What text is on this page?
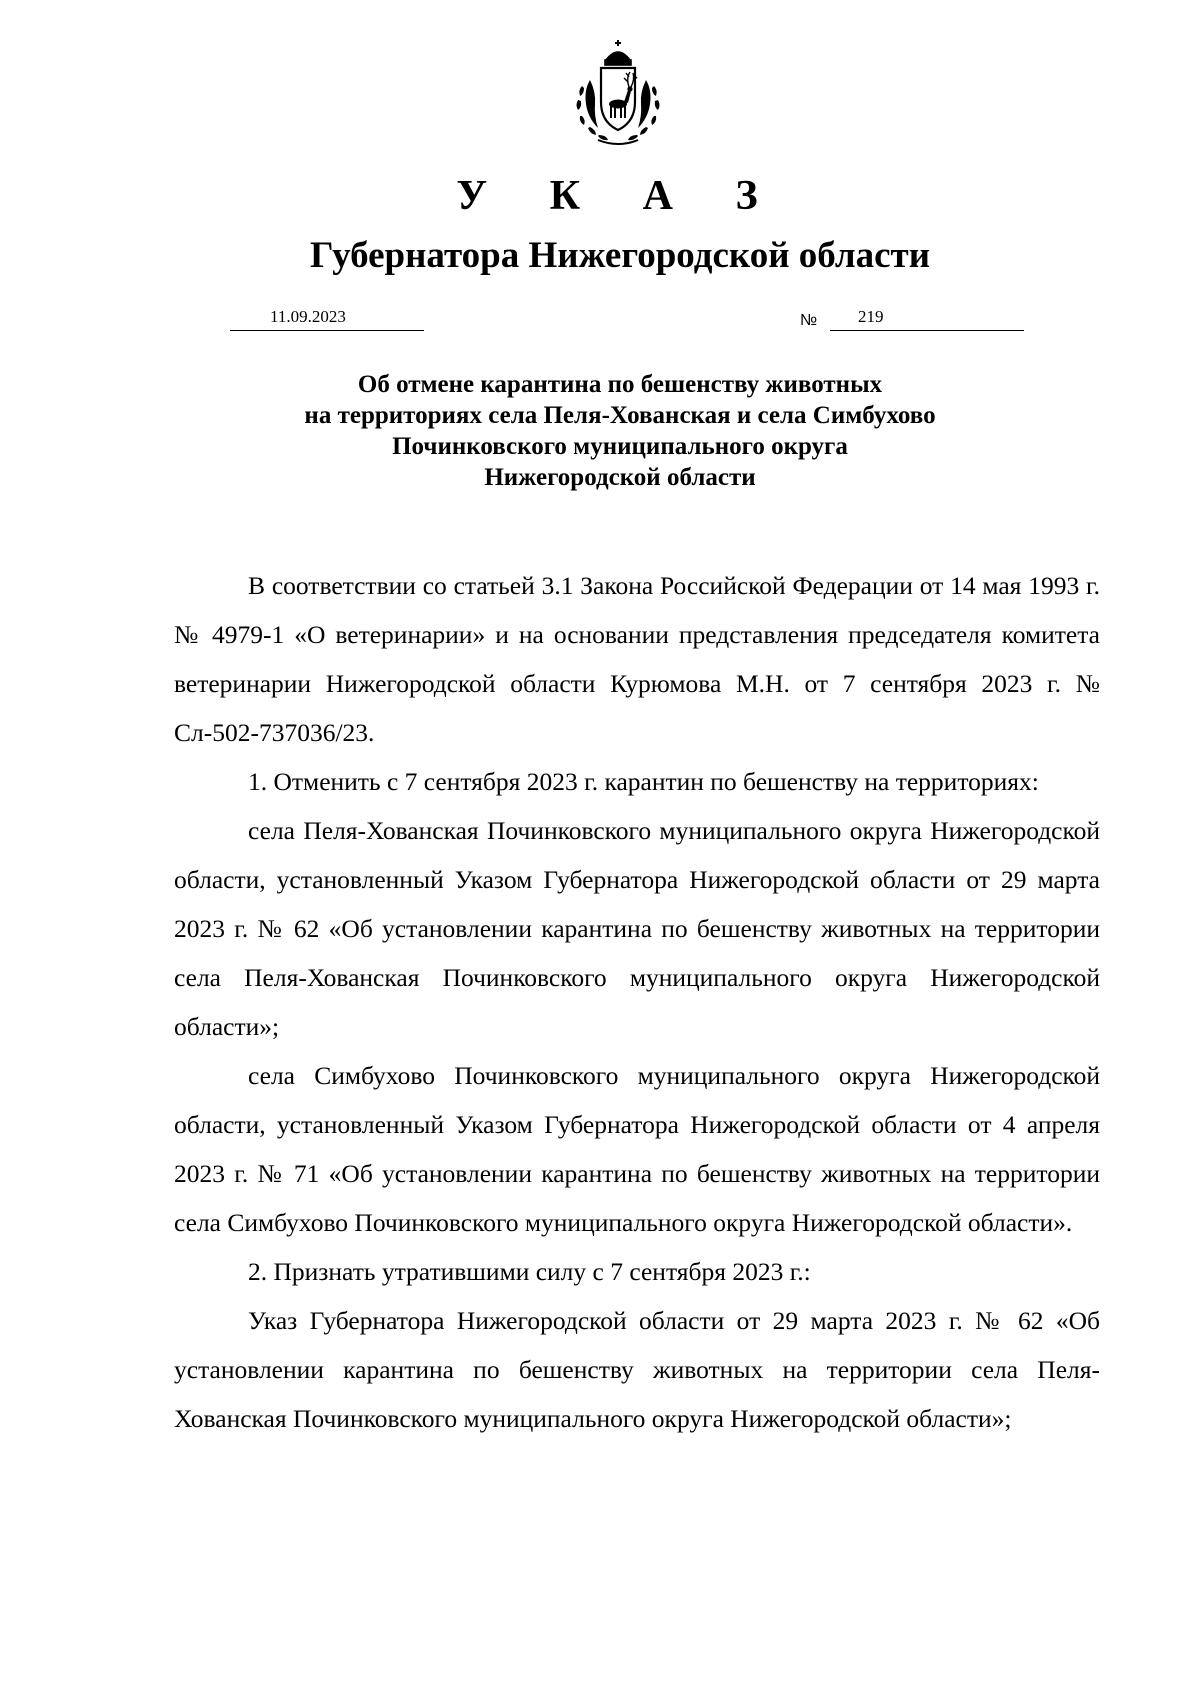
У К А З
Губернатора Нижегородской области
11.09.2023	№ 219
Об отмене карантина по бешенству животных
на территориях села Пеля-Хованская и села Симбухово
Починковского муниципального округа
Нижегородской области

В соответствии со статьей 3.1 Закона Российской Федерации от 14 мая 1993 г. № 4979-1 «О ветеринарии» и на основании представления председателя комитета ветеринарии Нижегородской области Курюмова М.Н. от 7 сентября 2023 г. № Сл-502-737036/23.

1. Отменить с 7 сентября 2023 г. карантин по бешенству на территориях:

села Пеля-Хованская Починковского муниципального округа Нижегородской области, установленный Указом Губернатора Нижегородской области от 29 марта 2023 г. № 62 «Об установлении карантина по бешенству животных на территории села Пеля-Хованская Починковского муниципального округа Нижегородской области»;

села Симбухово Починковского муниципального округа Нижегородской области, установленный Указом Губернатора Нижегородской области от 4 апреля 2023 г. № 71 «Об установлении карантина по бешенству животных на территории села Симбухово Починковского муниципального округа Нижегородской области».

2. Признать утратившими силу с 7 сентября 2023 г.:

Указ Губернатора Нижегородской области от 29 марта 2023 г. № 62 «Об установлении карантина по бешенству животных на территории села Пеля-Хованская Починковского муниципального округа Нижегородской области»;
